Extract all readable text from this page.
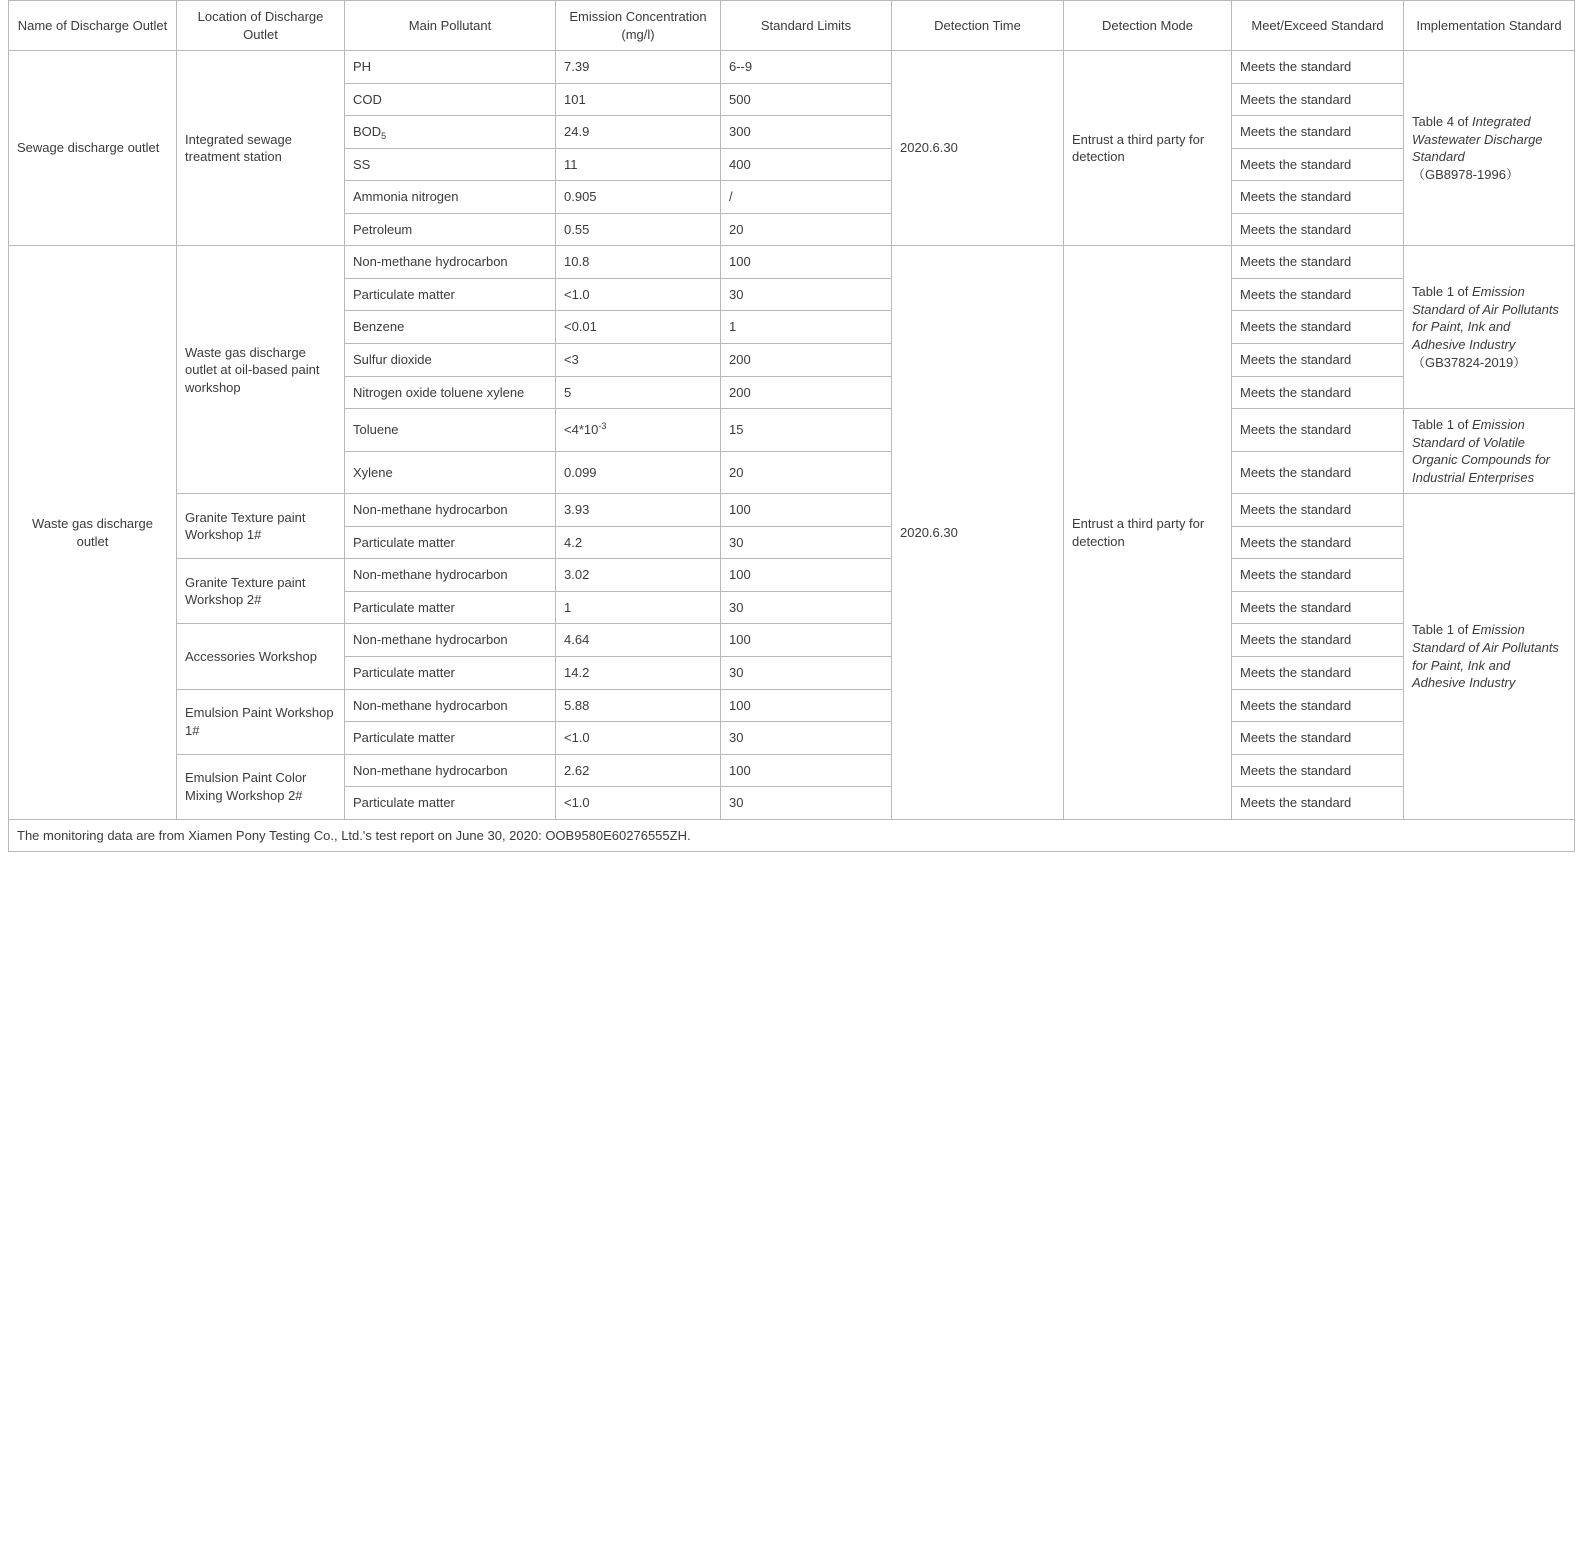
Name of Discharge Outlet	Location of Discharge Outlet	Main Pollutant	Emission Concentration (mg/l)	Standard Limits	Detection Time	Detection Mode	Meet/Exceed Standard	Implementation Standard
Sewage discharge outlet	Integrated sewage treatment station	PH	7.39	6--9	2020.6.30	Entrust a third party for detection	Meets the standard	Table 4 of Integrated Wastewater Discharge Standard（GB8978-1996）
		COD	101	500			Meets the standard	
		$BOD_5$	24.9	300			Meets the standard	
		SS	11	400			Meets the standard	
		Ammonia nitrogen	0.905	/			Meets the standard	
		Petroleum	0.55	20			Meets the standard	
Waste gas discharge outlet	Waste gas discharge outlet at oil-based paint workshop	Non-methane hydrocarbon	10.8	100	2020.6.30	Entrust a third party for detection	Meets the standard	Table 1 of Emission Standard of Air Pollutants for Paint, Ink and Adhesive Industry（GB37824-2019）
		Particulate matter	<1.0	30			Meets the standard	
		Benzene	<0.01	1			Meets the standard	
		Sulfur dioxide	<3	200			Meets the standard	
		Nitrogen oxide toluene xylene	5	200			Meets the standard	
		Toluene	$<4*10^{-3}$	15			Meets the standard	Table 1 of Emission Standard of Volatile Organic Compounds for Industrial Enterprises
		Xylene	0.099	20			Meets the standard	
	Granite Texture paint Workshop 1#	Non-methane hydrocarbon	3.93	100			Meets the standard	Table 1 of Emission Standard of Air Pollutants for Paint, Ink and Adhesive Industry
		Particulate matter	4.2	30			Meets the standard	
	Granite Texture paint Workshop 2#	Non-methane hydrocarbon	3.02	100			Meets the standard	
		Particulate matter	1	30			Meets the standard	
	Accessories Workshop	Non-methane hydrocarbon	4.64	100			Meets the standard	
		Particulate matter	14.2	30			Meets the standard	
	Emulsion Paint Workshop 1#	Non-methane hydrocarbon	5.88	100			Meets the standard	
		Particulate matter	<1.0	30			Meets the standard	
	Emulsion Paint Color Mixing Workshop 2#	Non-methane hydrocarbon	2.62	100			Meets the standard	
		Particulate matter	<1.0	30			Meets the standard	
The monitoring data are from Xiamen Pony Testing Co., Ltd.'s test report on June 30, 2020: OOB9580E60276555ZH.								
